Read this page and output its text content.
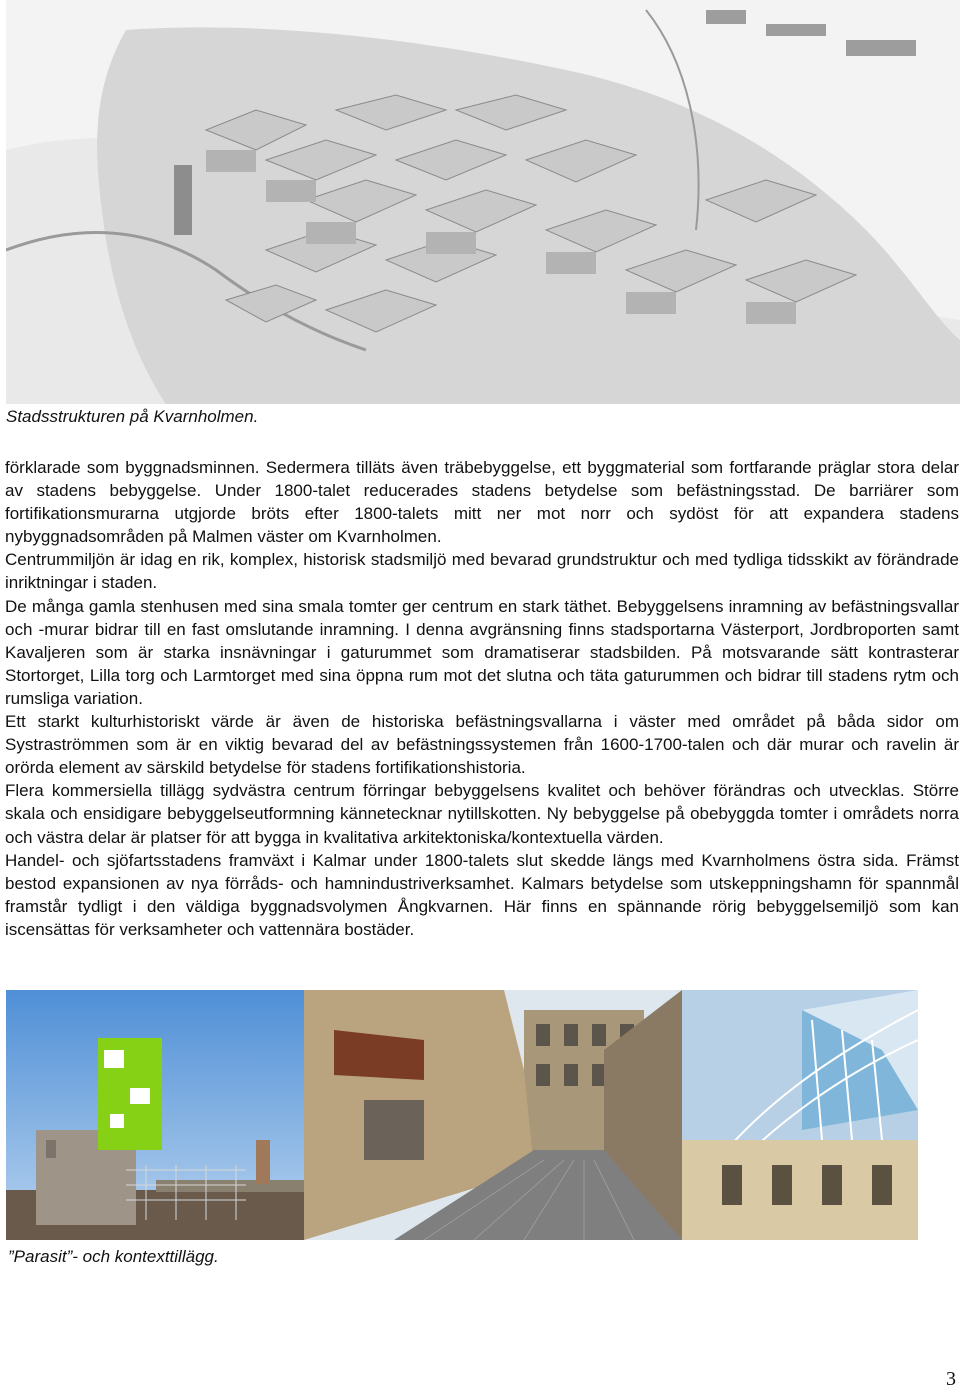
Stadsstrukturen på Kvarnholmen.

förklarade som byggnadsminnen. Sedermera tilläts även träbebyggelse, ett byggmaterial som fortfarande präglar stora delar av stadens bebyggelse. Under 1800-talet reducerades stadens betydelse som befästningsstad. De barriärer som fortifikationsmurarna utgjorde bröts efter 1800-talets mitt ner mot norr och sydöst för att expandera stadens nybyggnadsområden på Malmen väster om Kvarnholmen.

Centrummiljön är idag en rik, komplex, historisk stadsmiljö med bevarad grundstruktur och med tydliga tidsskikt av förändrade inriktningar i staden.

De många gamla stenhusen med sina smala tomter ger centrum en stark täthet. Bebyggelsens inramning av befästningsvallar och -murar bidrar till en fast omslutande inramning. I denna avgränsning finns stadsportarna Västerport, Jordbroporten samt Kavaljeren som är starka insnävningar i gaturummet som dramatiserar stadsbilden. På motsvarande sätt kontrasterar Stortorget, Lilla torg och Larmtorget med sina öppna rum mot det slutna och täta gaturummen och bidrar till stadens rytm och rumsliga variation.

Ett starkt kulturhistoriskt värde är även de historiska befästningsvallarna i väster med området på båda sidor om Systraströmmen som är en viktig bevarad del av befästningssystemen från 1600-1700-talen och där murar och ravelin är orörda element av särskild betydelse för stadens fortifikationshistoria.

Flera kommersiella tillägg sydvästra centrum förringar bebyggelsens kvalitet och behöver förändras och utvecklas. Större skala och ensidigare bebyggelseutformning kännetecknar nytillskotten. Ny bebyggelse på obebyggda tomter i områdets norra och västra delar är platser för att bygga in kvalitativa arkitektoniska/kontextuella värden.

Handel- och sjöfartsstadens framväxt i Kalmar under 1800-talets slut skedde längs med Kvarnholmens östra sida. Främst bestod expansionen av nya förråds- och hamnindustriverksamhet. Kalmars betydelse som utskeppningshamn för spannmål framstår tydligt i den väldiga byggnadsvolymen Ångkvarnen. Här finns en spännande rörig bebyggelsemiljö som kan iscensättas för verksamheter och vattennära bostäder.

”Parasit”- och kontexttillägg.
3
